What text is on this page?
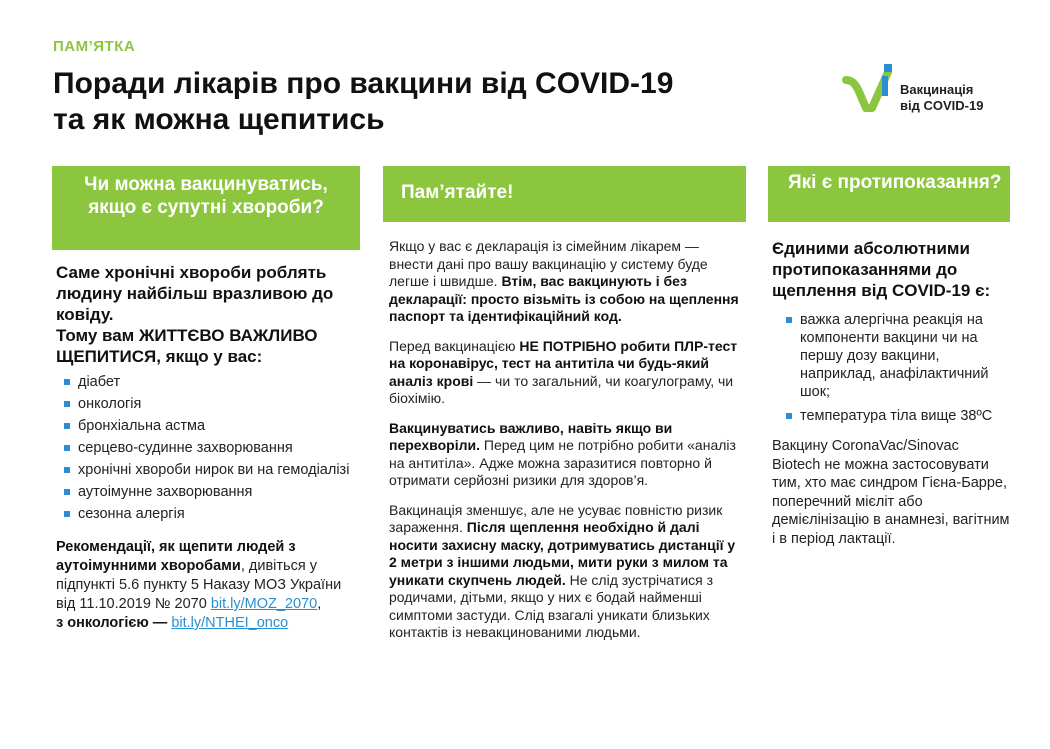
ПАМ’ЯТКА
Поради лікарів про вакцини від COVID-19
та як можна щепитись
Вакцинація
від COVID-19
Чи можна вакцинуватись, якщо є супутні хвороби?
Саме хронічні хвороби роблять людину найбільш вразливою до ковіду.
Тому вам ЖИТТЄВО ВАЖЛИВО ЩЕПИТИСЯ, якщо у вас:
діабет
онкологія
бронхіальна астма
серцево-судинне захворювання
хронічні хвороби нирок ви на гемодіалізі
аутоімунне захворювання
сезонна алергія
Рекомендації, як щепити людей з аутоімунними хворобами, дивіться у підпункті 5.6 пункту 5 Наказу МОЗ України від 11.10.2019 № 2070 bit.ly/MOZ_2070,
з онкологією — bit.ly/NTHEI_onco
Пам’ятайте!

Якщо у вас є декларація із сімейним лікарем — внести дані про вашу вакцинацію у систему буде легше і швидше. Втім, вас вакцинують і без декларації: просто візьміть із собою на щеплення паспорт та ідентифікаційний код.

Перед вакцинацією НЕ ПОТРІБНО робити ПЛР-тест на коронавірус, тест на антитіла чи будь-який аналіз крові — чи то загальний, чи коагулограму, чи біохімію.

Вакцинуватись важливо, навіть якщо ви перехворіли. Перед цим не потрібно робити «аналіз на антитіла». Адже можна заразитися повторно й отримати серйозні ризики для здоров’я.

Вакцинація зменшує, але не усуває повністю ризик зараження. Після щеплення необхідно й далі носити захисну маску, дотримуватись дистанції у 2 метри з іншими людьми, мити руки з милом та уникати скупчень людей. Не слід зустрічатися з родичами, дітьми, якщо у них є бодай найменші симптоми застуди. Слід взагалі уникати близьких контактів із невакцинованими людьми.

Які є протипоказання?
Єдиними абсолютними протипоказаннями до щеплення від COVID-19 є:
важка алергічна реакція на компоненти вакцини чи на першу дозу вакцини, наприклад, анафілактичний шок;
температура тіла вище 38ºС

Вакцину CoronaVac/Sinovac Biotech не можна застосовувати тим, хто має синдром Гієна-Барре, поперечний мієліт або демієлінізацію в анамнезі, вагітним і в період лактації.
